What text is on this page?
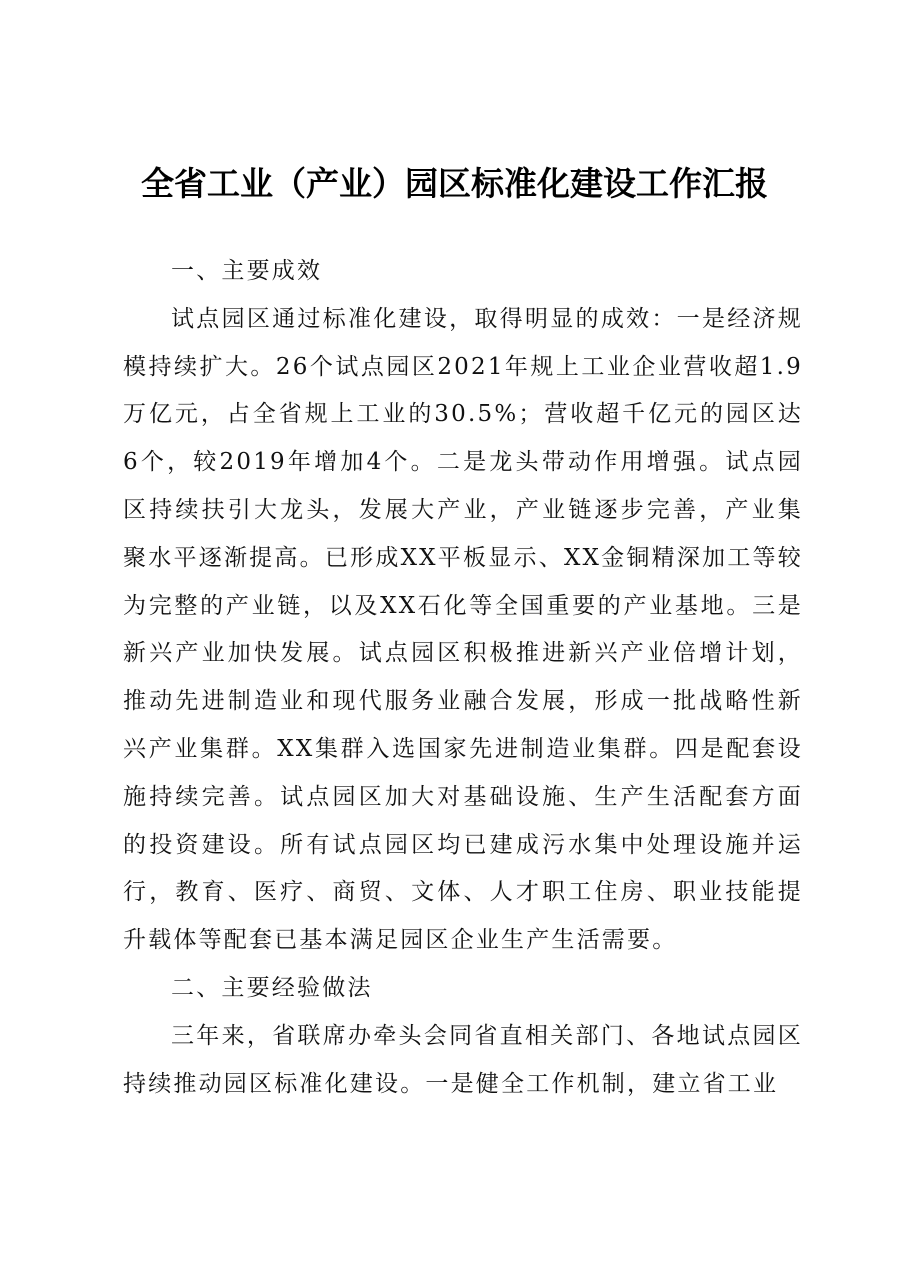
全省工业（产业）园区标准化建设工作汇报
一、主要成效

试点园区通过标准化建设，取得明显的成效：一是经济规模持续扩大。26个试点园区2021年规上工业企业营收超1.9万亿元，占全省规上工业的30.5%；营收超千亿元的园区达6个，较2019年增加4个。二是龙头带动作用增强。试点园区持续扶引大龙头，发展大产业，产业链逐步完善，产业集聚水平逐渐提高。已形成XX平板显示、XX金铜精深加工等较为完整的产业链，以及XX石化等全国重要的产业基地。三是新兴产业加快发展。试点园区积极推进新兴产业倍增计划，推动先进制造业和现代服务业融合发展，形成一批战略性新兴产业集群。XX集群入选国家先进制造业集群。四是配套设施持续完善。试点园区加大对基础设施、生产生活配套方面的投资建设。所有试点园区均已建成污水集中处理设施并运行，教育、医疗、商贸、文体、人才职工住房、职业技能提升载体等配套已基本满足园区企业生产生活需要。

二、主要经验做法

三年来，省联席办牵头会同省直相关部门、各地试点园区持续推动园区标准化建设。一是健全工作机制，建立省工业
